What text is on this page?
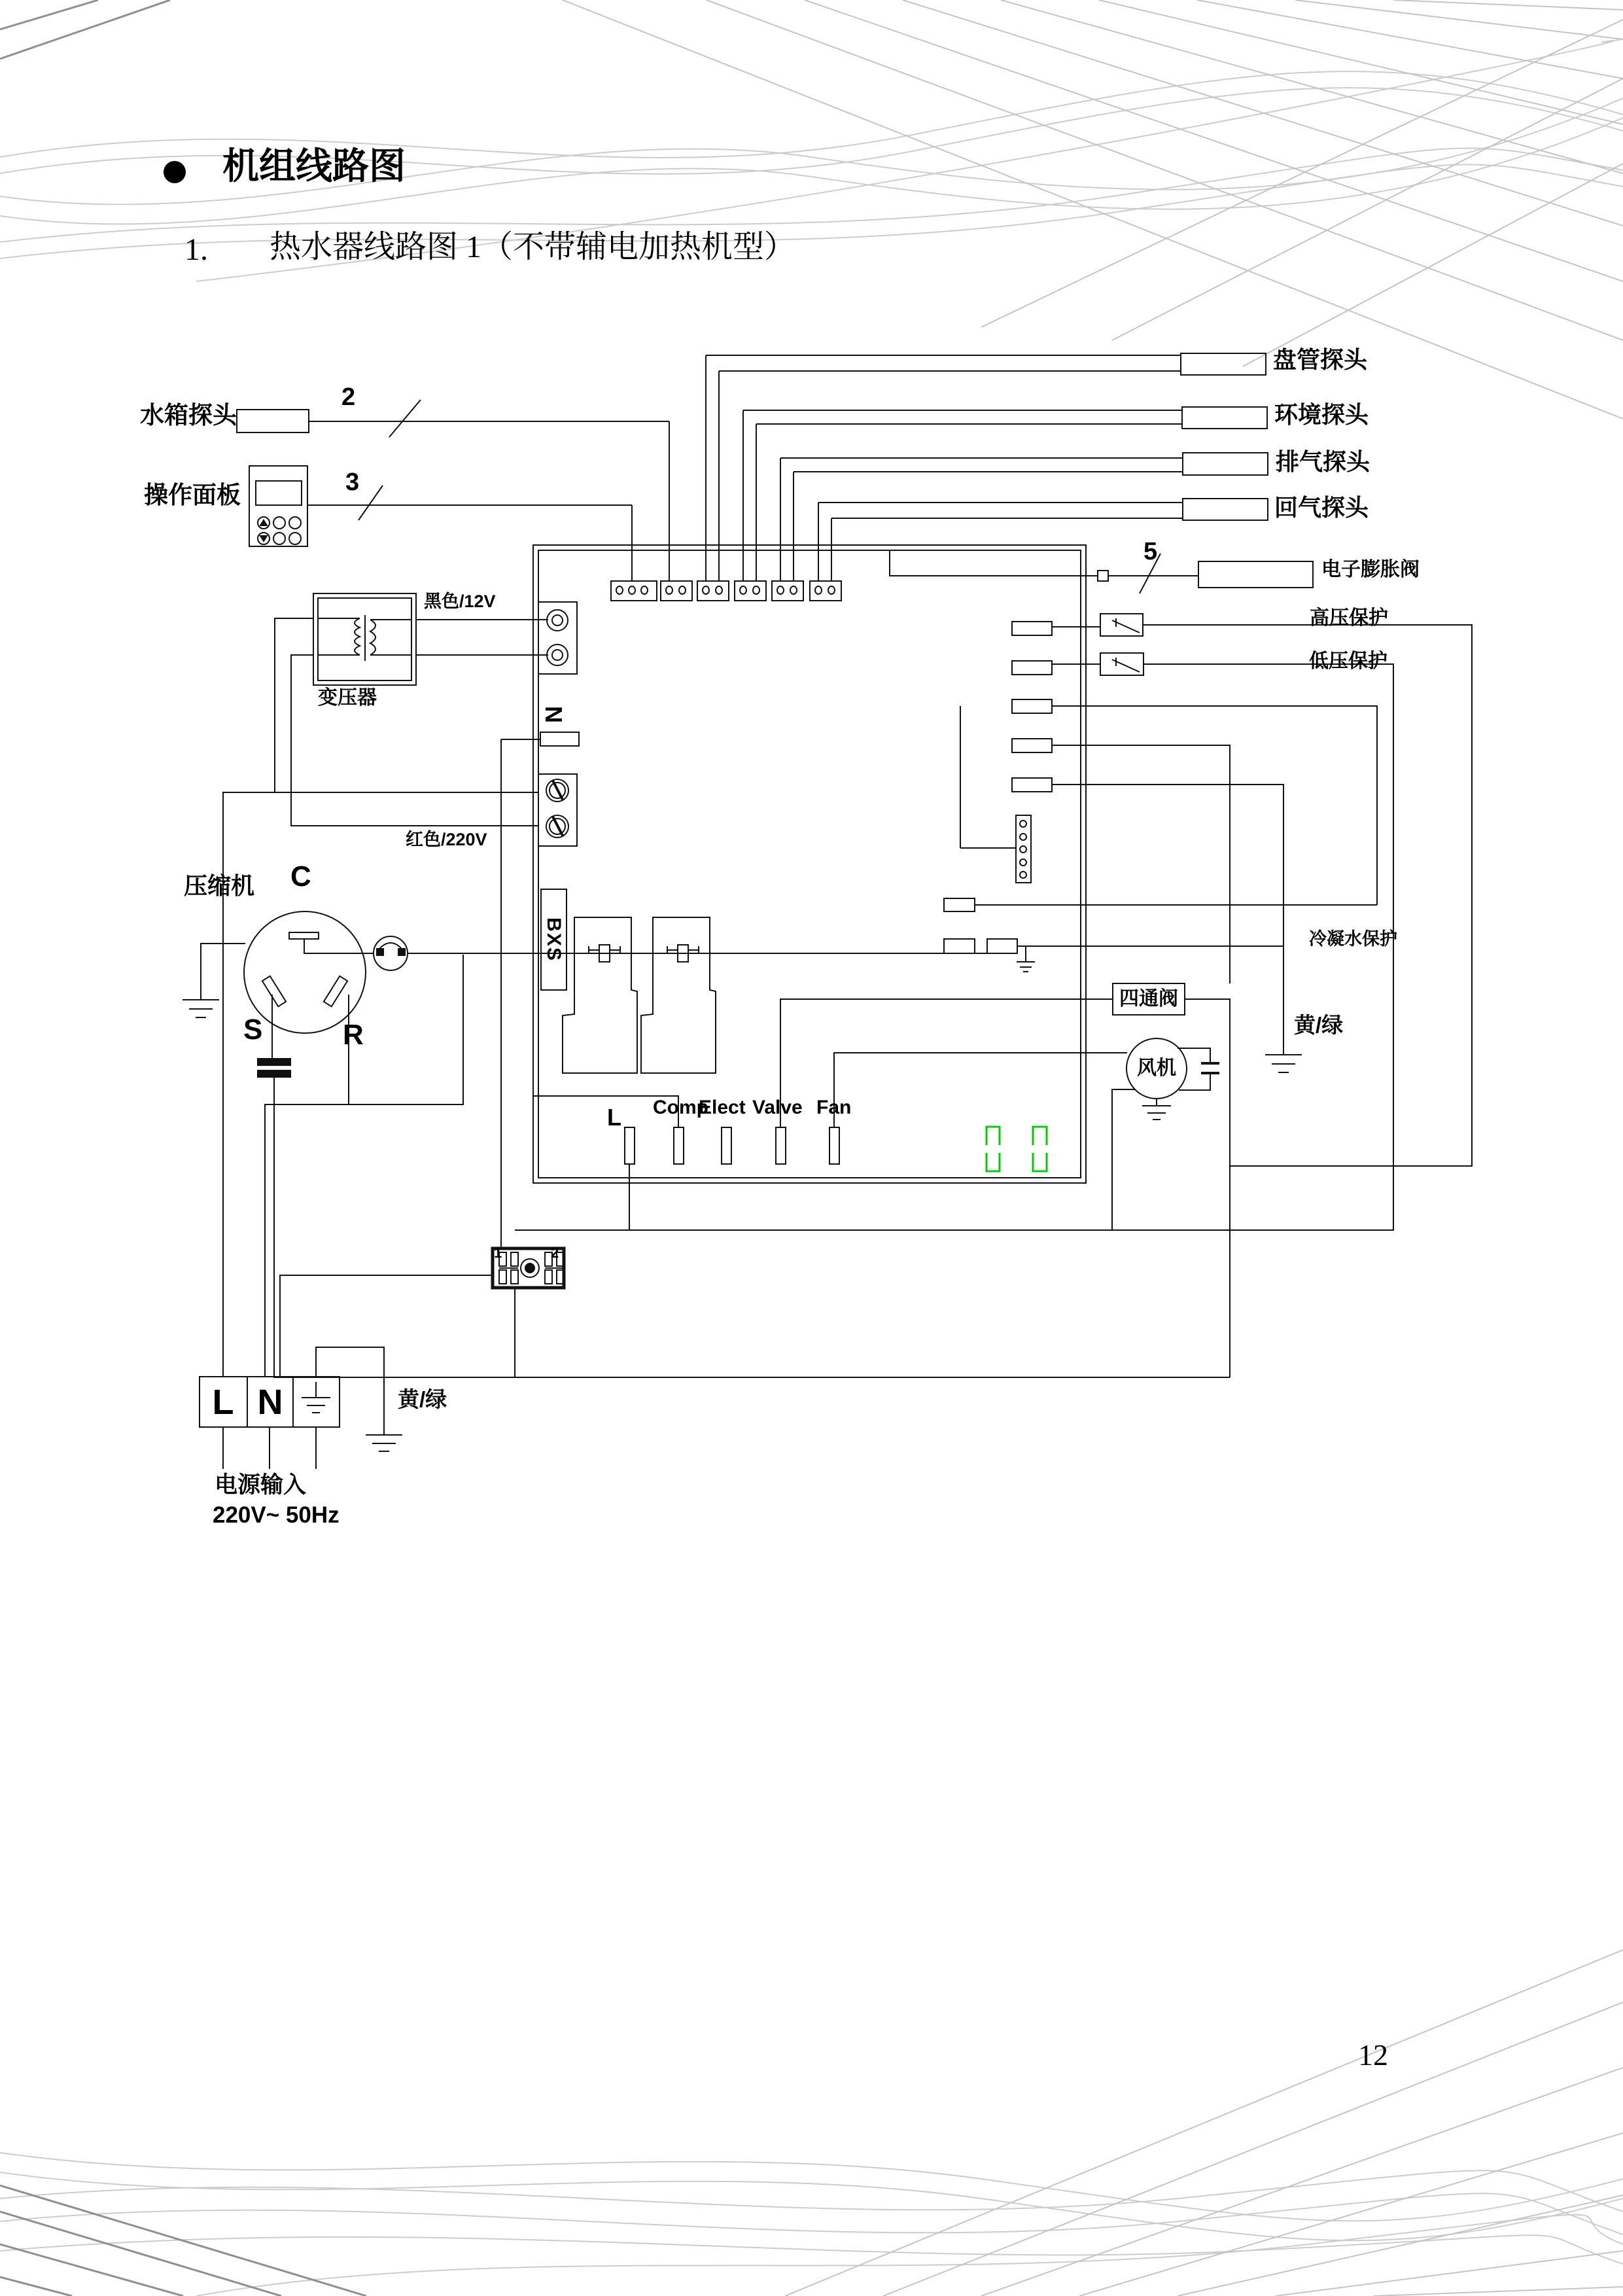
机组线路图
1. 热水器线路图 1（不带辅电加热机型）
水箱探头
操作面板
盘管探头
环境探头
排气探头
回气探头
电子膨胀阀
高压保护
低压保护
黑色/12V
红色/220V
变压器
压缩机 C
S	R
N
BXS
L Comp
Elect Valve Fan
四通阀
风机
冷凝水保护
黄/绿
黄/绿
L N
电源输入
220V~ 50Hz
2
3
5
1	2
12
